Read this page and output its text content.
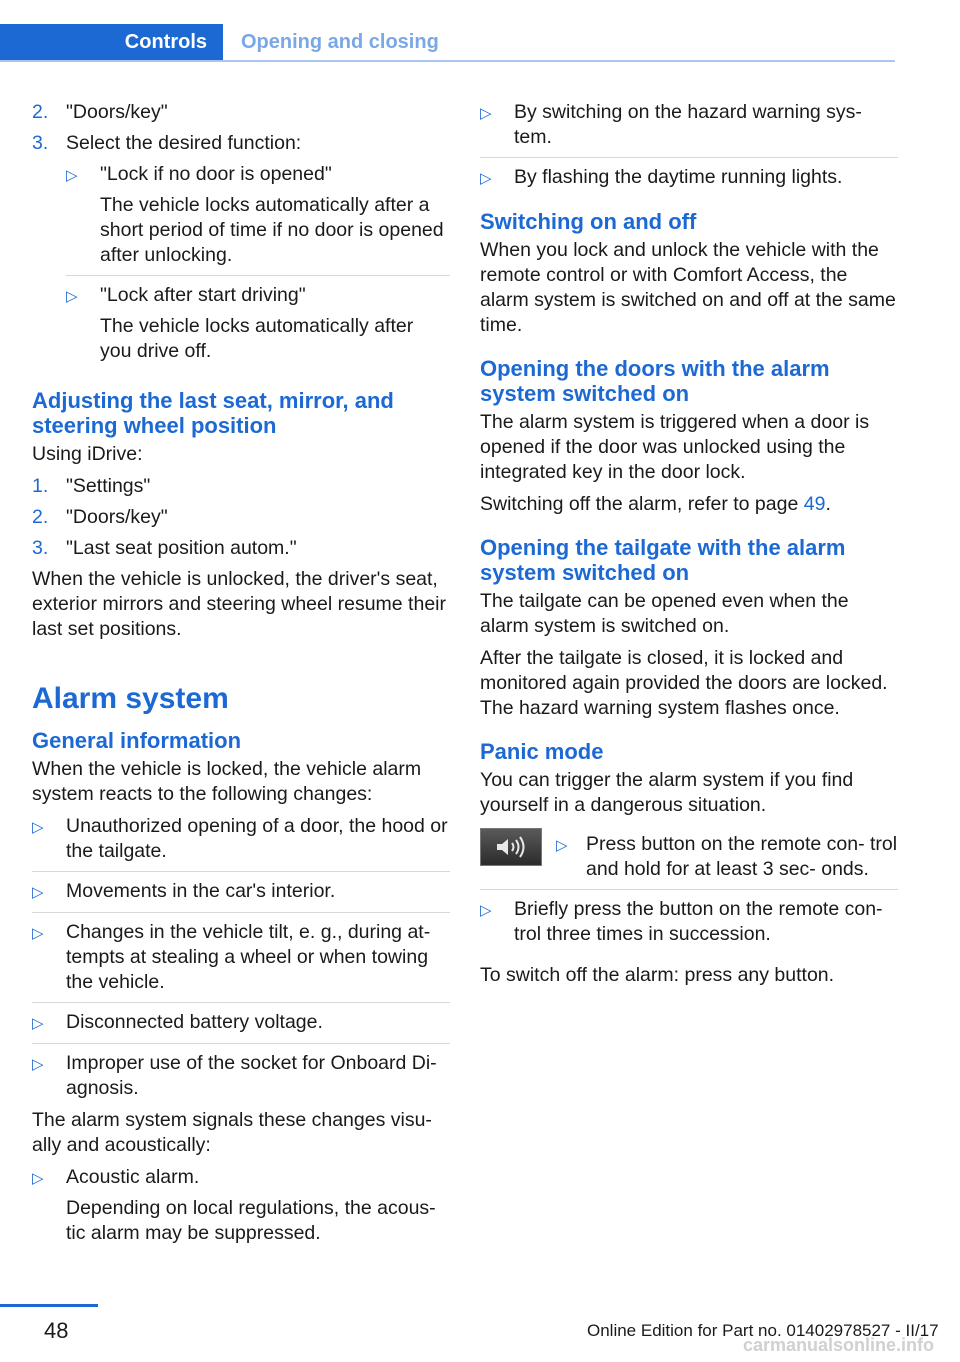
Controls	Opening and closing
2. "Doors/key"
3. Select the desired function:
▷	"Lock if no door is opened"
The vehicle locks automatically after a short period of time if no door is opened after unlocking.
▷	"Lock after start driving"
The vehicle locks automatically after you drive off.
Adjusting the last seat, mirror, and steering wheel position

Using iDrive:

1. "Settings"
2. "Doors/key"
3. "Last seat position autom."

When the vehicle is unlocked, the driver's seat, exterior mirrors and steering wheel resume their last set positions.

Alarm system
General information

When the vehicle is locked, the vehicle alarm system reacts to the following changes:

▷	Unauthorized opening of a door, the hood or the tailgate.
▷	Movements in the car's interior.
▷	Changes in the vehicle tilt, e. g., during at‐ tempts at stealing a wheel or when towing the vehicle.
▷	Disconnected battery voltage.
▷	Improper use of the socket for Onboard Di‐ agnosis.

The alarm system signals these changes visu‐ ally and acoustically:

▷	Acoustic alarm.
Depending on local regulations, the acous‐ tic alarm may be suppressed.
▷	By switching on the hazard warning sys‐ tem.
▷	By flashing the daytime running lights.
Switching on and off

When you lock and unlock the vehicle with the remote control or with Comfort Access, the alarm system is switched on and off at the same time.

Opening the doors with the alarm system switched on

The alarm system is triggered when a door is opened if the door was unlocked using the integrated key in the door lock.

Switching off the alarm, refer to page 49.

Opening the tailgate with the alarm system switched on

The tailgate can be opened even when the alarm system is switched on.

After the tailgate is closed, it is locked and monitored again provided the doors are locked. The hazard warning system flashes once.

Panic mode

You can trigger the alarm system if you find yourself in a dangerous situation.

▷ Press button on the remote con‐ trol and hold for at least 3 sec‐ onds.
▷	Briefly press the button on the remote con‐ trol three times in succession.

To switch off the alarm: press any button.

48	Online Edition for Part no. 01402978527 - II/17
carmanualsonline.info
